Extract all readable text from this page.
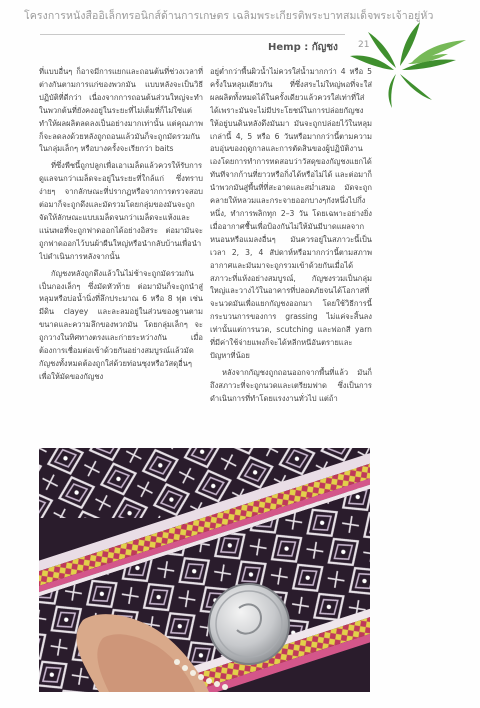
โครงการหนังสืออิเล็กทรอนิกส์ด้านการเกษตร เฉลิมพระเกียรติพระบาทสมเด็จพระเจ้าอยู่หัว
Hemp : กัญชง	21

ที่แบบอื่นๆ ก็อาจมีการแยกและถอนต้นที่ช่วงเวลาที่ต่างกันตามการแก่ของพวกมัน แบบหลังจะเป็นวิธีปฏิบัติที่ดีกว่า เนื่องจากการถอนต้นส่วนใหญ่จะทำในพวกต้นที่ยังคงอยู่ในระยะที่ไม่เต็มที่ก็ไม่ใช่แต่ทำให้ผลผลิตลดลงเป็นอย่างมากเท่านั้น แต่คุณภาพก็จะลดลงด้วยหลังถูกถอนแล้วมันก็จะถูกมัดรวมกันในกลุ่มเล็กๆ หรือบางครั้งจะเรียกว่า baits

ที่ซึ่งพืชนี้ถูกปลูกเพื่อเอาเมล็ดแล้วควรให้รับการดูแลจนกว่าเมล็ดจะอยู่ในระยะที่ใกล้แก่ ซึ่งทราบง่ายๆ จากลักษณะที่ปรากฏหรือจากการตรวจสอบ ต่อมาก็จะถูกดึงและมัดรวมโดยกลุ่มของมันจะถูกจัดให้ลักษณะแบบเมล็ดจนกว่าเมล็ดจะแห้งและแน่นพอที่จะถูกฟาดออกได้อย่างอิสระ ต่อมามันจะถูกฟาดออกไว้บนผ้าผืนใหญ่หรือนำกลับบ้านเพื่อนำไปดำเนินการหลังจากนั้น

กัญชงหลังถูกดึงแล้วในไม่ช้าจะถูกมัดรวมกันเป็นกองเล็กๆ ซึ่งมัดหัวท้าย ต่อมามันก็จะถูกนำสู่หลุมหรือบ่อน้ำนิ่งที่ลึกประมาณ 6 หรือ 8 ฟุต เช่น มีดิน clayey และละลมอยู่ในส่วนของฐานตามขนาดและความลึกของพวกมัน โดยกลุ่มเล็กๆ จะถูกวางในทิศทางตรงและก่ายระหว่างกัน เมื่อต้องการเชื่อมต่อเข้าด้วยกันอย่างสมบูรณ์แล้วมัดกัญชงทั้งหมดต้องถูกใส่ด้วยท่อนซุงหรือวัสดุอื่นๆ เพื่อให้มัดของกัญชง

อยู่ต่ำกว่าพื้นผิวน้ำไม่ควรใส่น้ำมากกว่า 4 หรือ 5 ครั้งในหลุมเดียวกัน ที่ซึ่งสระไม่ใหญ่พอที่จะใส่ผลผลิตทั้งหมดได้ในครั้งเดียวแล้วควรใส่เท่าที่ใส่ได้เพราะมันจะไม่มีประโยชน์ในการปล่อยกัญชงให้อยู่บนดินหลังดึงมันมา มันจะถูกปล่อยไว้ในหลุมเกล่านี้ 4, 5 หรือ 6 วันหรือมากกว่านี้ตามความอบอุ่นของฤดูกาลและการตัดสินของผู้ปฏิบัติงานเองโดยการทำการทดสอบว่าวัสดุของกัญชงแยกได้ทันทีจากก้านที่ยาวหรือกิ่งได้หรือไม่ได้ และต่อมาก็นำพวกมันสู่พื้นที่ที่สะอาดและสม่ำเสมอ มัดจะถูกคลายให้หลวมและกระจายออกบางๆกังหนึ่งไปกึ่งหนึ่ง, ทำการพลิกทุก 2–3 วัน โดยเฉพาะอย่างยิ่งเมื่ออากาศชื้นเพื่อป้องกันไม่ให้มันมีบาดแผลจากหนอนหรือแมลงอื่นๆ มันควรอยู่ในสภาวะนี้เป็นเวลา 2, 3, 4 สัปดาห์หรือมากกว่านี้ตามสภาพอากาศและมันมาจะถูกรวมเข้าด้วยกันเมื่อได้สภาวะที่แห้งอย่างสมบูรณ์, กัญชงรวมเป็นกลุ่มใหญ่และวางไว้ในอาคารที่ปลอดภัยจนได้โอกาสที่จะนวดมันเพื่อแยกกัญชงออกมา โดยใช้วิธีการนี้กระบวนการของการ grassing ไม่แค่จะสิ้นลงเท่านั้นแต่การนวด, scutching และฟอกสี yarn ที่มีค่าใช้จ่ายแพงก็จะได้หลีกหนีอันตรายและปัญหาที่น้อย

หลังจากกัญชงถูกถอนออกจากพื้นที่แล้ว มันก็ถึงสภาวะที่จะถูกนวดและเตรียมฟาด ซึ่งเป็นการดำเนินการที่ทำโดยแรงงานทั่วไป แต่ถ้า
